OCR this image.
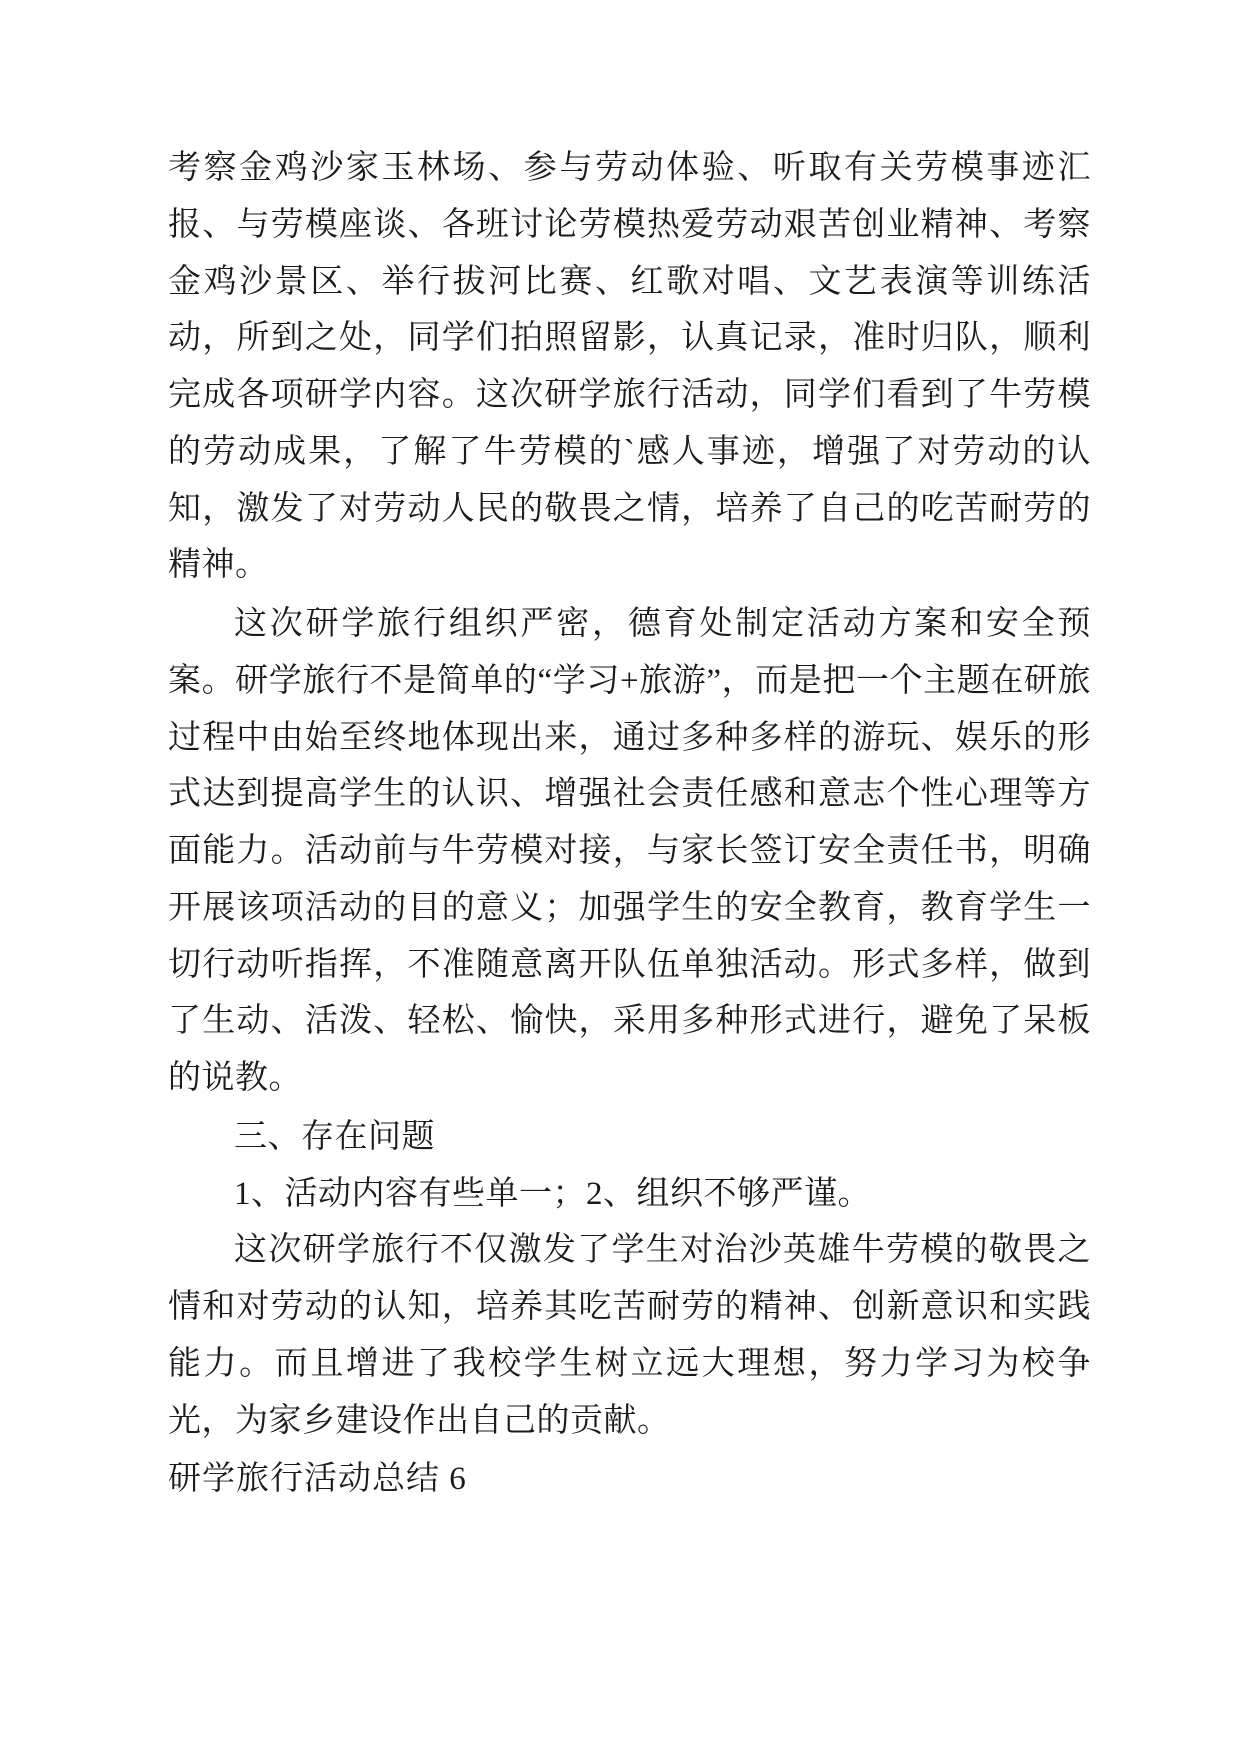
考察金鸡沙家玉林场、参与劳动体验、听取有关劳模事迹汇报、与劳模座谈、各班讨论劳模热爱劳动艰苦创业精神、考察金鸡沙景区、举行拔河比赛、红歌对唱、文艺表演等训练活动，所到之处，同学们拍照留影，认真记录，准时归队，顺利完成各项研学内容。这次研学旅行活动，同学们看到了牛劳模的劳动成果，了解了牛劳模的`感人事迹，增强了对劳动的认知，激发了对劳动人民的敬畏之情，培养了自己的吃苦耐劳的精神。

这次研学旅行组织严密，德育处制定活动方案和安全预案。研学旅行不是简单的“学习+旅游”，而是把一个主题在研旅过程中由始至终地体现出来，通过多种多样的游玩、娱乐的形式达到提高学生的认识、增强社会责任感和意志个性心理等方面能力。活动前与牛劳模对接，与家长签订安全责任书，明确开展该项活动的目的意义；加强学生的安全教育，教育学生一切行动听指挥，不准随意离开队伍单独活动。形式多样，做到了生动、活泼、轻松、愉快，采用多种形式进行，避免了呆板的说教。

三、存在问题

1、活动内容有些单一；2、组织不够严谨。

这次研学旅行不仅激发了学生对治沙英雄牛劳模的敬畏之情和对劳动的认知，培养其吃苦耐劳的精神、创新意识和实践能力。而且增进了我校学生树立远大理想，努力学习为校争光，为家乡建设作出自己的贡献。

研学旅行活动总结 6
